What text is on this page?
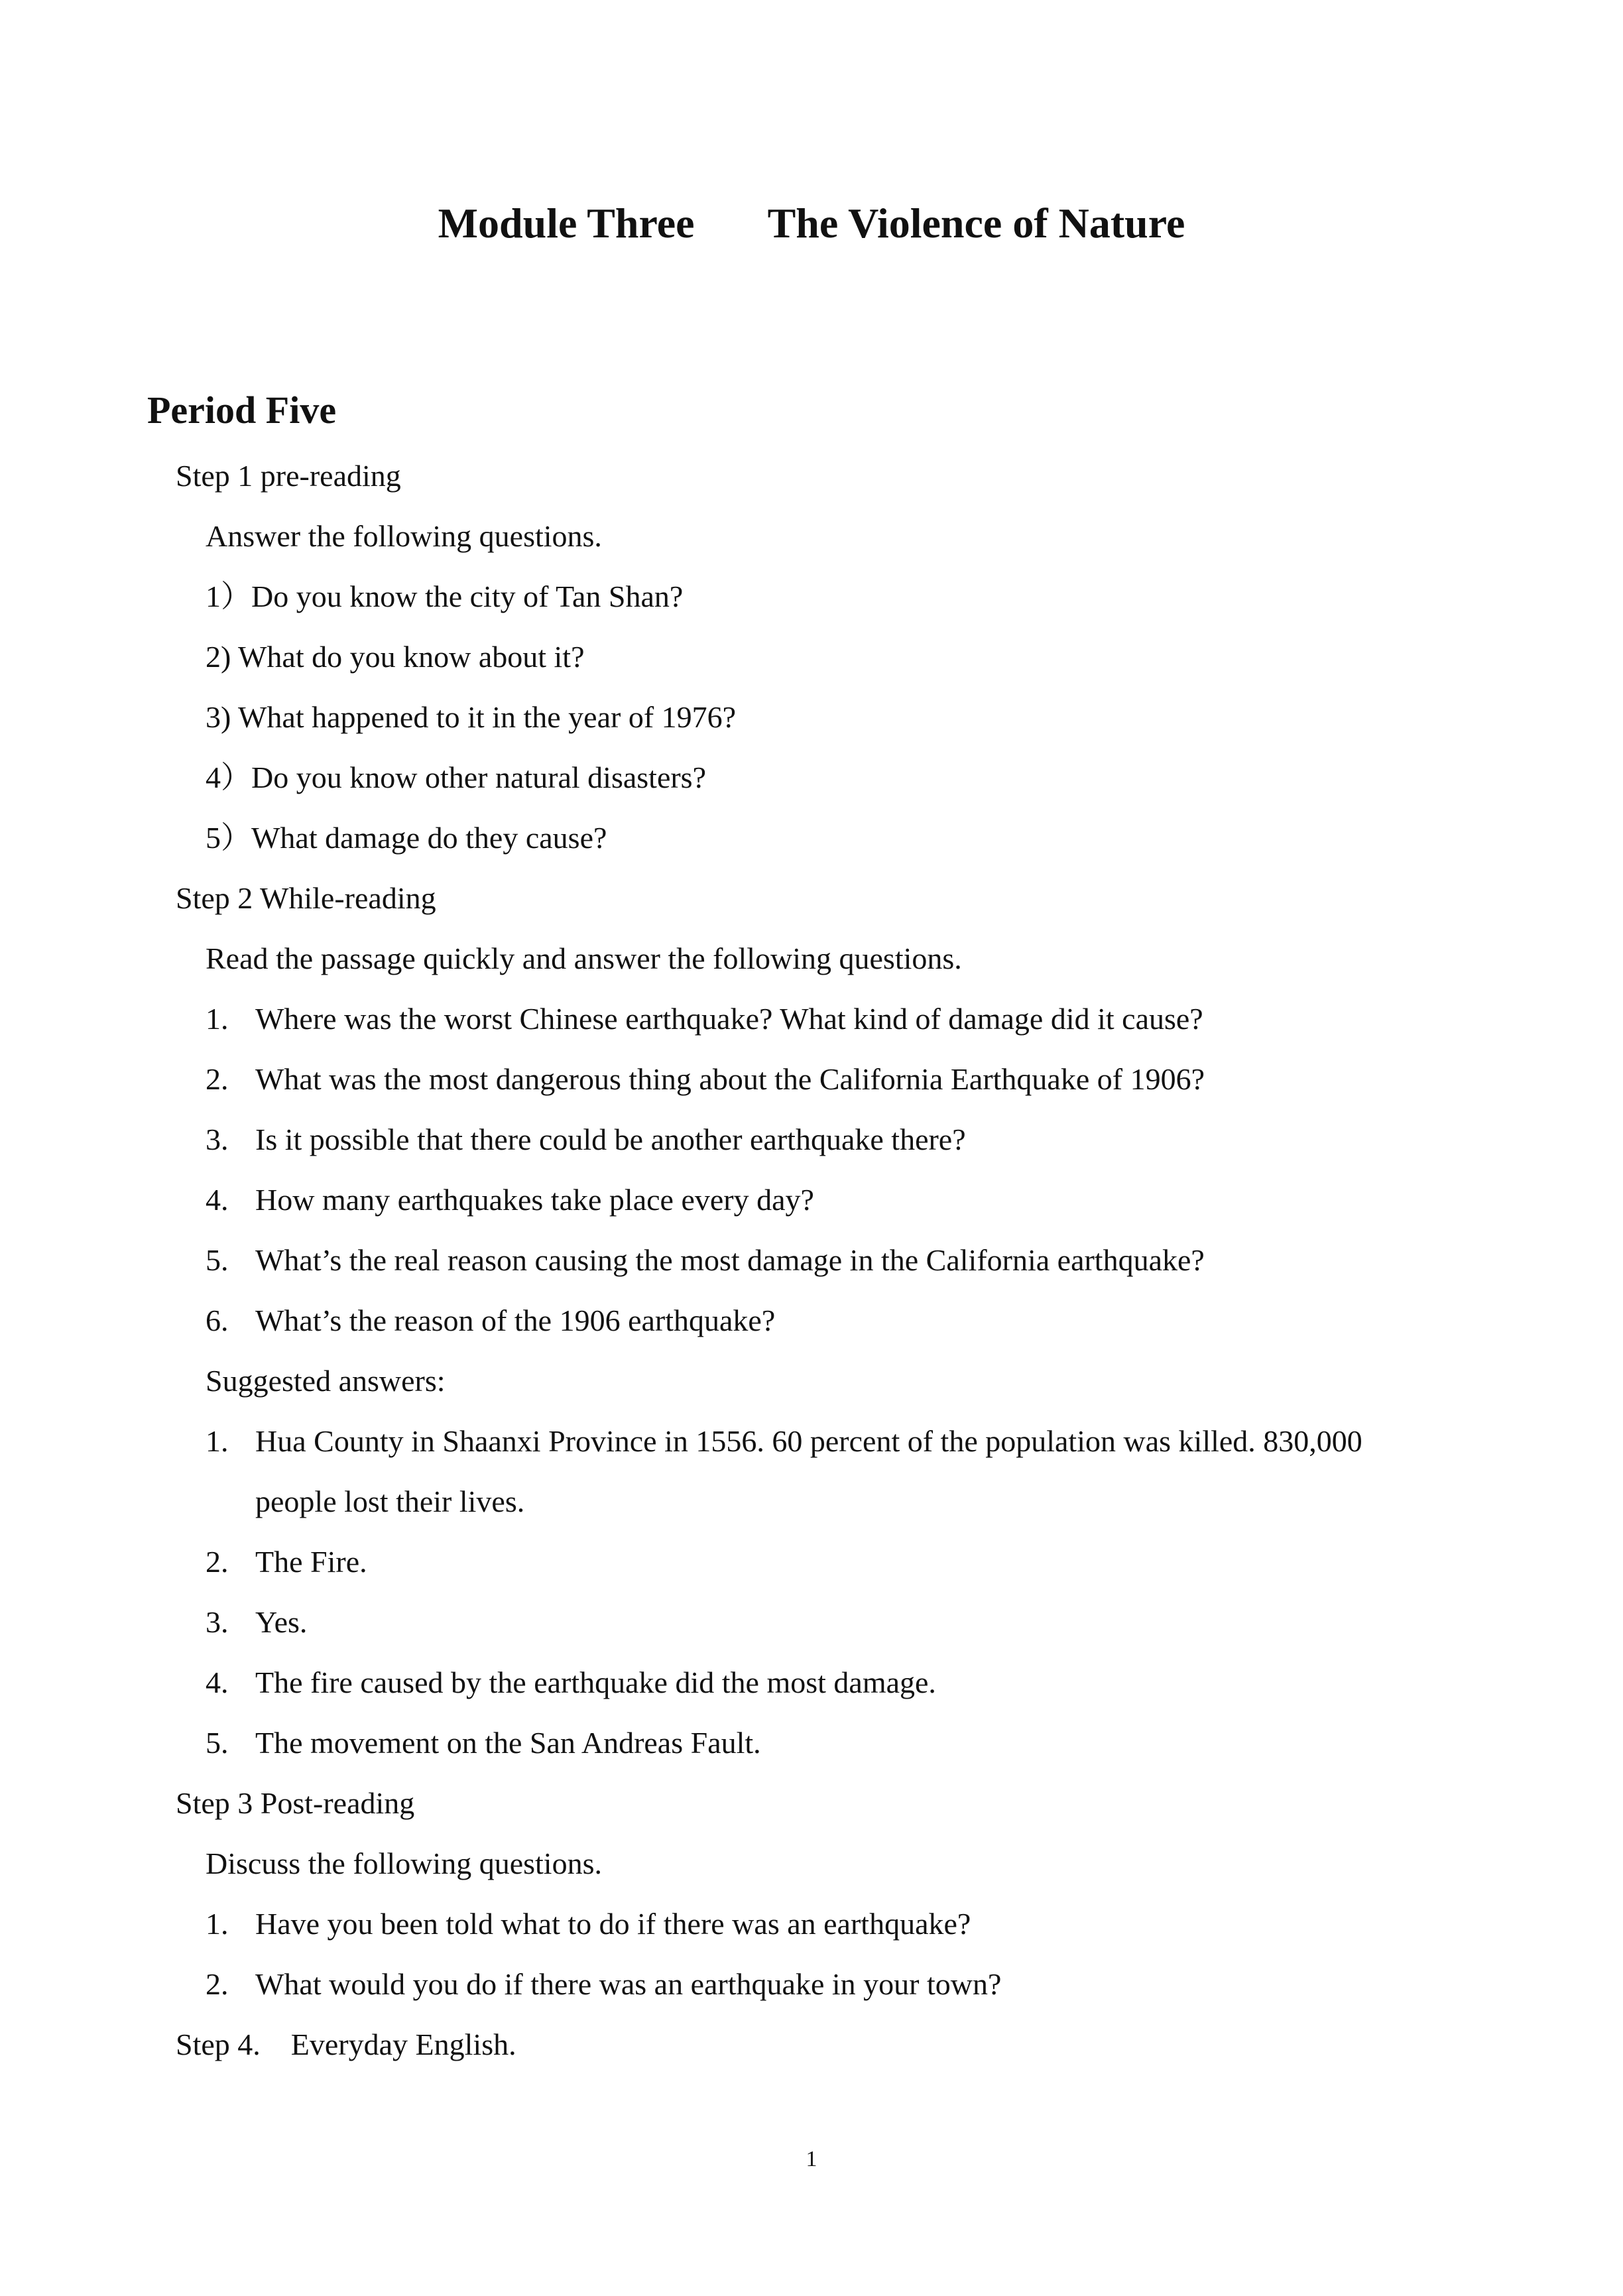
Module Three The Violence of Nature
Period Five

Step 1 pre-reading

Answer the following questions.

1）Do you know the city of Tan Shan?

2) What do you know about it?

3) What happened to it in the year of 1976?

4）Do you know other natural disasters?

5）What damage do they cause?

Step 2 While-reading

Read the passage quickly and answer the following questions.

1. Where was the worst Chinese earthquake? What kind of damage did it cause?

2. What was the most dangerous thing about the California Earthquake of 1906?

3. Is it possible that there could be another earthquake there?

4. How many earthquakes take place every day?

5. What’s the real reason causing the most damage in the California earthquake?

6. What’s the reason of the 1906 earthquake?

Suggested answers:

1. Hua County in Shaanxi Province in 1556. 60 percent of the population was killed. 830,000

people lost their lives.

2. The Fire.

3. Yes.

4. The fire caused by the earthquake did the most damage.

5. The movement on the San Andreas Fault.

Step 3 Post-reading

Discuss the following questions.

1. Have you been told what to do if there was an earthquake?

2. What would you do if there was an earthquake in your town?

Step 4.    Everyday English.

1
